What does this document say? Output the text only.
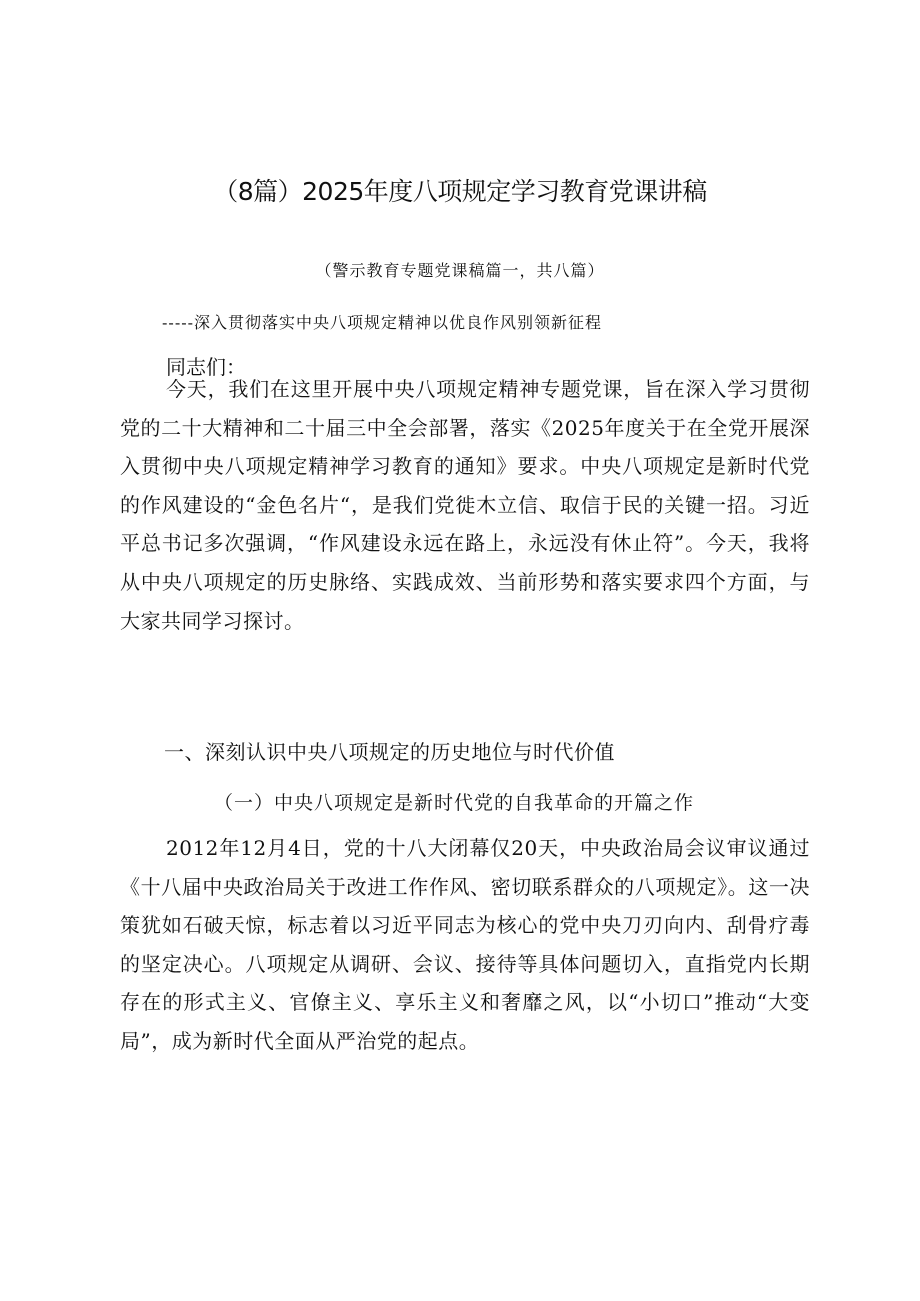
（8篇）2025年度八项规定学习教育党课讲稿
（警示教育专题党课稿篇一，共八篇）
-----深入贯彻落实中央八项规定精神以优良作风别领新征程
同志们：
今天，我们在这里开展中央八项规定精神专题党课，旨在深入学习贯彻党的二十大精神和二十届三中全会部署，落实《2025年度关于在全党开展深入贯彻中央八项规定精神学习教育的通知》要求。中央八项规定是新时代党的作风建设的“金色名片“，是我们党徙木立信、取信于民的关键一招。习近平总书记多次强调，“作风建设永远在路上，永远没有休止符”。今天，我将从中央八项规定的历史脉络、实践成效、当前形势和落实要求四个方面，与大家共同学习探讨。
一、深刻认识中央八项规定的历史地位与时代价值
（一）中央八项规定是新时代党的自我革命的开篇之作
2012年12月4日，党的十八大闭幕仅20天，中央政治局会议审议通过《十八届中央政治局关于改进工作作风、密切联系群众的八项规定》。这一决策犹如石破天惊，标志着以习近平同志为核心的党中央刀刃向内、刮骨疗毒的坚定决心。八项规定从调研、会议、接待等具体问题切入，直指党内长期存在的形式主义、官僚主义、享乐主义和奢靡之风，以“小切口”推动“大变局”，成为新时代全面从严治党的起点。
